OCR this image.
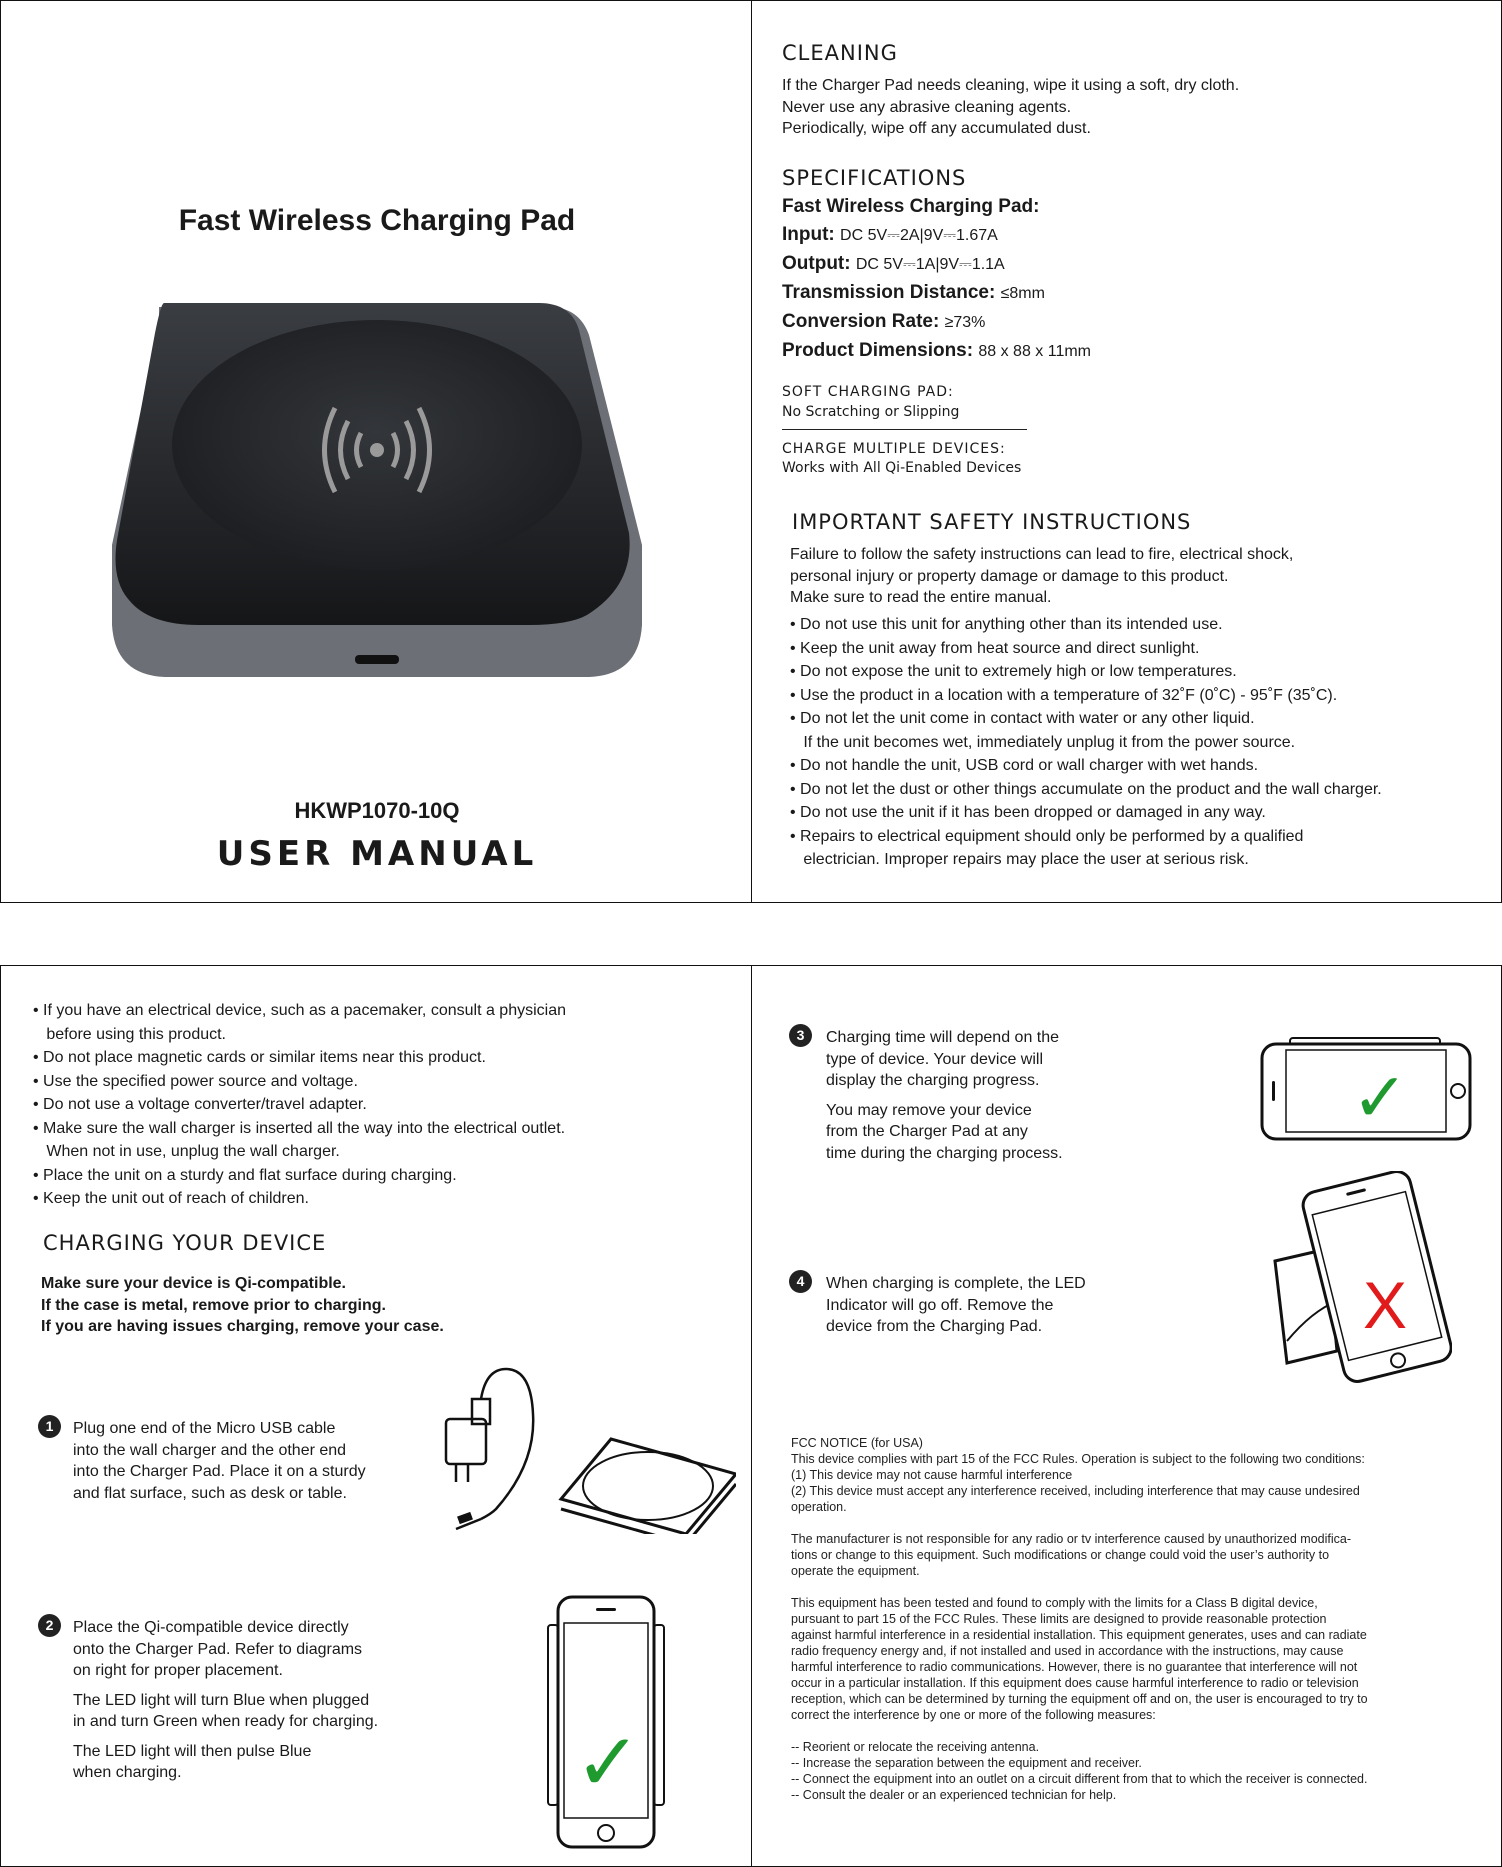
Fast Wireless Charging Pad
HKWP1070-10Q
USER MANUAL
CLEANING
If the Charger Pad needs cleaning, wipe it using a soft, dry cloth.
Never use any abrasive cleaning agents.
Periodically, wipe off any accumulated dust.
SPECIFICATIONS
Fast Wireless Charging Pad:
Input: DC 5V⎓2A|9V⎓1.67A
Output: DC 5V⎓1A|9V⎓1.1A
Transmission Distance: ≤8mm
Conversion Rate: ≥73%
Product Dimensions: 88 x 88 x 11mm
SOFT CHARGING PAD:
No Scratching or Slipping
CHARGE MULTIPLE DEVICES:
Works with All Qi-Enabled Devices
IMPORTANT SAFETY INSTRUCTIONS
Failure to follow the safety instructions can lead to fire, electrical shock,
personal injury or property damage or damage to this product.
Make sure to read the entire manual.
• Do not use this unit for anything other than its intended use.
• Keep the unit away from heat source and direct sunlight.
• Do not expose the unit to extremely high or low temperatures.
• Use the product in a location with a temperature of 32˚F (0˚C) - 95˚F (35˚C).
• Do not let the unit come in contact with water or any other liquid.
If the unit becomes wet, immediately unplug it from the power source.
• Do not handle the unit, USB cord or wall charger with wet hands.
• Do not let the dust or other things accumulate on the product and the wall charger.
• Do not use the unit if it has been dropped or damaged in any way.
• Repairs to electrical equipment should only be performed by a qualified
electrician. Improper repairs may place the user at serious risk.
• If you have an electrical device, such as a pacemaker, consult a physician
before using this product.
• Do not place magnetic cards or similar items near this product.
• Use the specified power source and voltage.
• Do not use a voltage converter/travel adapter.
• Make sure the wall charger is inserted all the way into the electrical outlet.
When not in use, unplug the wall charger.
• Place the unit on a sturdy and flat surface during charging.
• Keep the unit out of reach of children.
CHARGING YOUR DEVICE
Make sure your device is Qi-compatible.
If the case is metal, remove prior to charging.
If you are having issues charging, remove your case.
1	Plug one end of the Micro USB cable
into the wall charger and the other end
into the Charger Pad. Place it on a sturdy
and flat surface, such as desk or table.
2	Place the Qi-compatible device directly
onto the Charger Pad. Refer to diagrams
on right for proper placement.
The LED light will turn Blue when plugged
in and turn Green when ready for charging.
The LED light will then pulse Blue
when charging.	✓
3	Charging time will depend on the
type of device. Your device will
display the charging progress.
You may remove your device
from the Charger Pad at any
time during the charging process.
✓
4	When charging is complete, the LED
Indicator will go off. Remove the
device from the Charging Pad.	X
FCC NOTICE (for USA)
This device complies with part 15 of the FCC Rules. Operation is subject to the following two conditions:
(1) This device may not cause harmful interference
(2) This device must accept any interference received, including interference that may cause undesired
operation.
The manufacturer is not responsible for any radio or tv interference caused by unauthorized modifica-
tions or change to this equipment. Such modifications or change could void the user’s authority to
operate the equipment.
This equipment has been tested and found to comply with the limits for a Class B digital device,
pursuant to part 15 of the FCC Rules. These limits are designed to provide reasonable protection
against harmful interference in a residential installation. This equipment generates, uses and can radiate
radio frequency energy and, if not installed and used in accordance with the instructions, may cause
harmful interference to radio communications. However, there is no guarantee that interference will not
occur in a particular installation. If this equipment does cause harmful interference to radio or television
reception, which can be determined by turning the equipment off and on, the user is encouraged to try to
correct the interference by one or more of the following measures:
-- Reorient or relocate the receiving antenna.
-- Increase the separation between the equipment and receiver.
-- Connect the equipment into an outlet on a circuit different from that to which the receiver is connected.
-- Consult the dealer or an experienced technician for help.
